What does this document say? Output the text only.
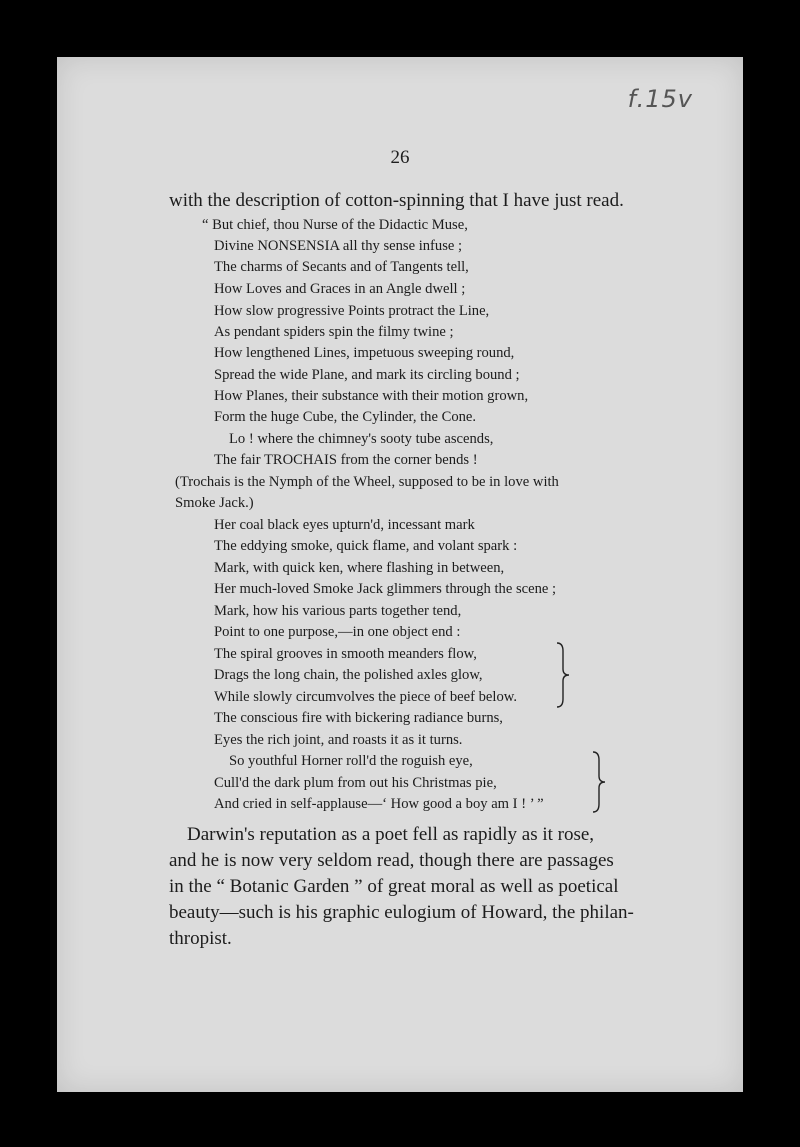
f.15v
26
with the description of cotton-spinning that I have just read.
“ But chief, thou Nurse of the Didactic Muse,
Divine NONSENSIA all thy sense infuse ;
The charms of Secants and of Tangents tell,
How Loves and Graces in an Angle dwell ;
How slow progressive Points protract the Line,
As pendant spiders spin the filmy twine ;
How lengthened Lines, impetuous sweeping round,
Spread the wide Plane, and mark its circling bound ;
How Planes, their substance with their motion grown,
Form the huge Cube, the Cylinder, the Cone.
Lo ! where the chimney's sooty tube ascends,
The fair TROCHAIS from the corner bends !
(Trochais is the Nymph of the Wheel, supposed to be in love with
Smoke Jack.)
Her coal black eyes upturn'd, incessant mark
The eddying smoke, quick flame, and volant spark :
Mark, with quick ken, where flashing in between,
Her much-loved Smoke Jack glimmers through the scene ;
Mark, how his various parts together tend,
Point to one purpose,—in one object end :
The spiral grooves in smooth meanders flow,
Drags the long chain, the polished axles glow,
While slowly circumvolves the piece of beef below.
The conscious fire with bickering radiance burns,
Eyes the rich joint, and roasts it as it turns.
So youthful Horner roll'd the roguish eye,
Cull'd the dark plum from out his Christmas pie,
And cried in self-applause—‘ How good a boy am I ! ’ ”
Darwin's reputation as a poet fell as rapidly as it rose,
and he is now very seldom read, though there are passages
in the “ Botanic Garden ” of great moral as well as poetical
beauty—such is his graphic eulogium of Howard, the philan-
thropist.
